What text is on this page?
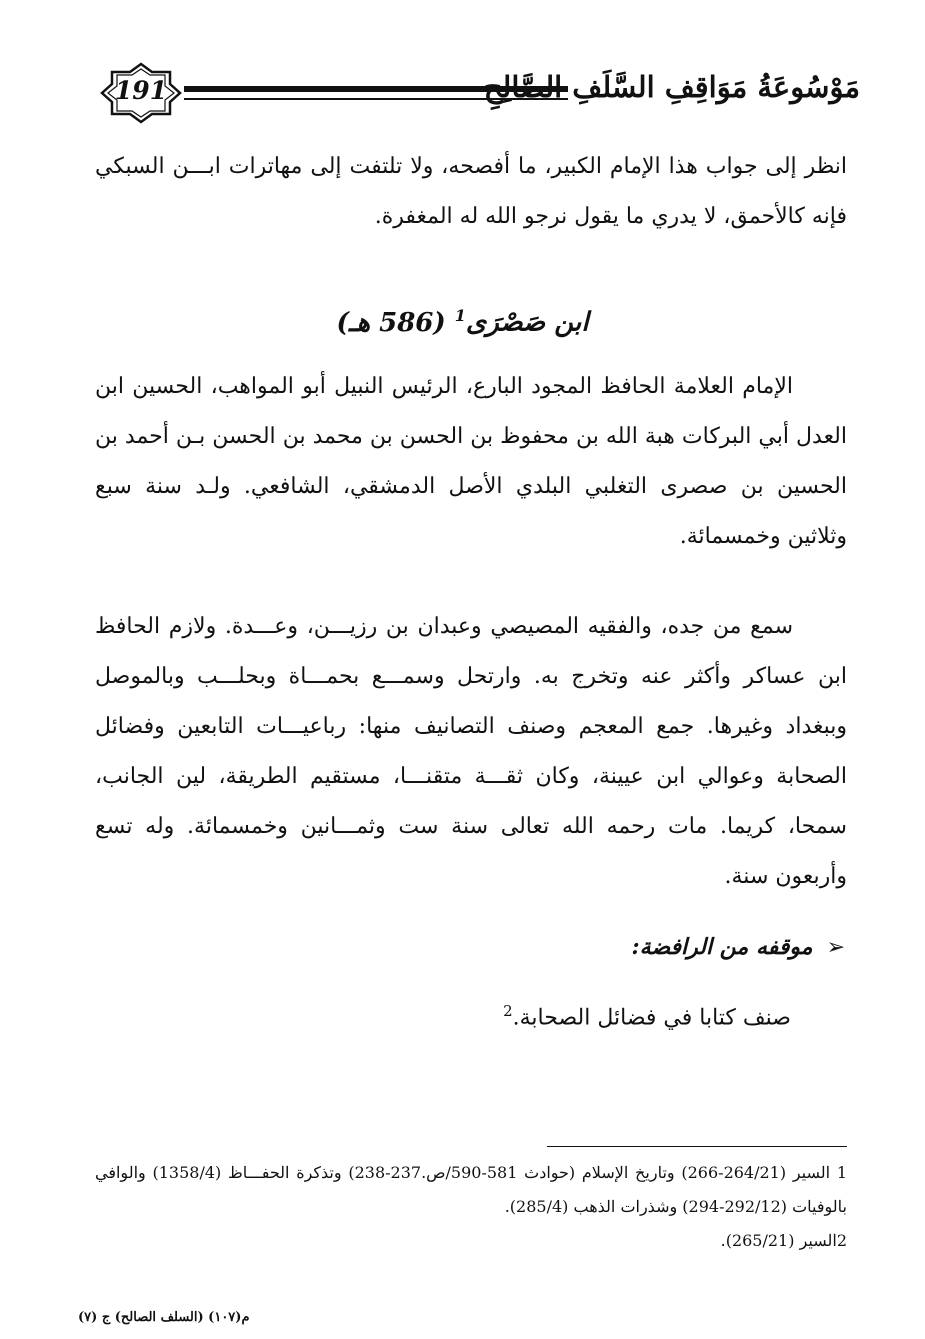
191	مَوْسُوعَةُ مَوَاقِفِ السَّلَفِ الصَّالِحِ

انظر إلى جواب هذا الإمام الكبير، ما أفصحه، ولا تلتفت إلى مهاترات ابـــن السبكي فإنه كالأحمق، لا يدري ما يقول نرجو الله له المغفرة.

ابن صَصْرَى$^1$ (586 هـ)

الإمام العلامة الحافظ المجود البارع، الرئيس النبيل أبو المواهب، الحسين ابن العدل أبي البركات هبة الله بن محفوظ بن الحسن بن محمد بن الحسن بـن أحمد بن الحسين بن صصرى التغلبي البلدي الأصل الدمشقي، الشافعي. ولـد سنة سبع وثلاثين وخمسمائة.

سمع من جده، والفقيه المصيصي وعبدان بن رزيـــن، وعـــدة. ولازم الحافظ ابن عساكر وأكثر عنه وتخرج به. وارتحل وسمـــع بحمـــاة وبحلـــب وبالموصل وببغداد وغيرها. جمع المعجم وصنف التصانيف منها: رباعيـــات التابعين وفضائل الصحابة وعوالي ابن عيينة، وكان ثقـــة متقنـــا، مستقيم الطريقة، لين الجانب، سمحا، كريما. مات رحمه الله تعالى سنة ست وثمـــانين وخمسمائة. وله تسع وأربعون سنة.

➢موقفه من الرافضة:
صنف كتابا في فضائل الصحابة.$^2$

1 السير (264/21-266) وتاريخ الإسلام (حوادث 581-590/ص.237-238) وتذكرة الحفـــاظ (1358/4) والوافي بالوفيات (292/12-294) وشذرات الذهب (285/4).

2السير (265/21).

م(١٠٧) (السلف الصالح) ج (٧)
